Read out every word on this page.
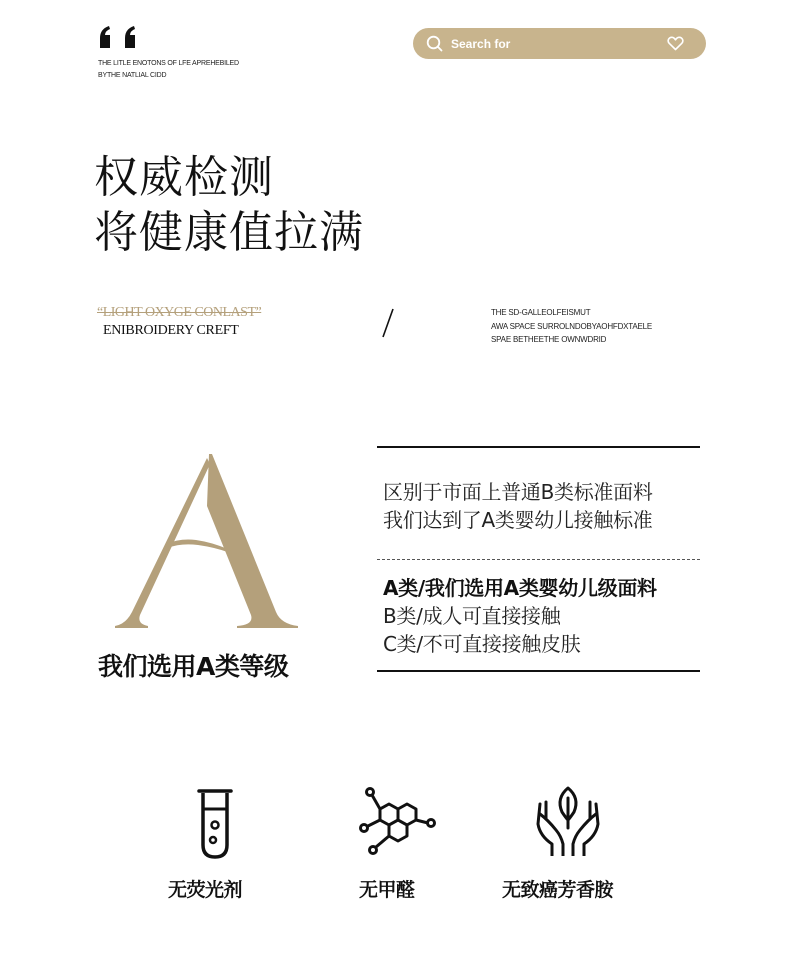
THE LITLE ENOTONS OF LFE APREHEBILED
BYTHE NATLIAL CIDD
Search for
权威检测
将健康值拉满
“LIGHT OXYGE CONLAST”
ENIBROIDERY CREFT
THE SD-GALLEOLFEISMUT
AWA SPACE SURROLNDOBYAOHFDXTAELE
SPAE BETHEETHE OWNWDRID
我们选用A类等级
区别于市面上普通B类标准面料
我们达到了A类婴幼儿接触标准
A类/我们选用A类婴幼儿级面料
B类/成人可直接接触
C类/不可直接接触皮肤
无荧光剂	无甲醛	无致癌芳香胺
